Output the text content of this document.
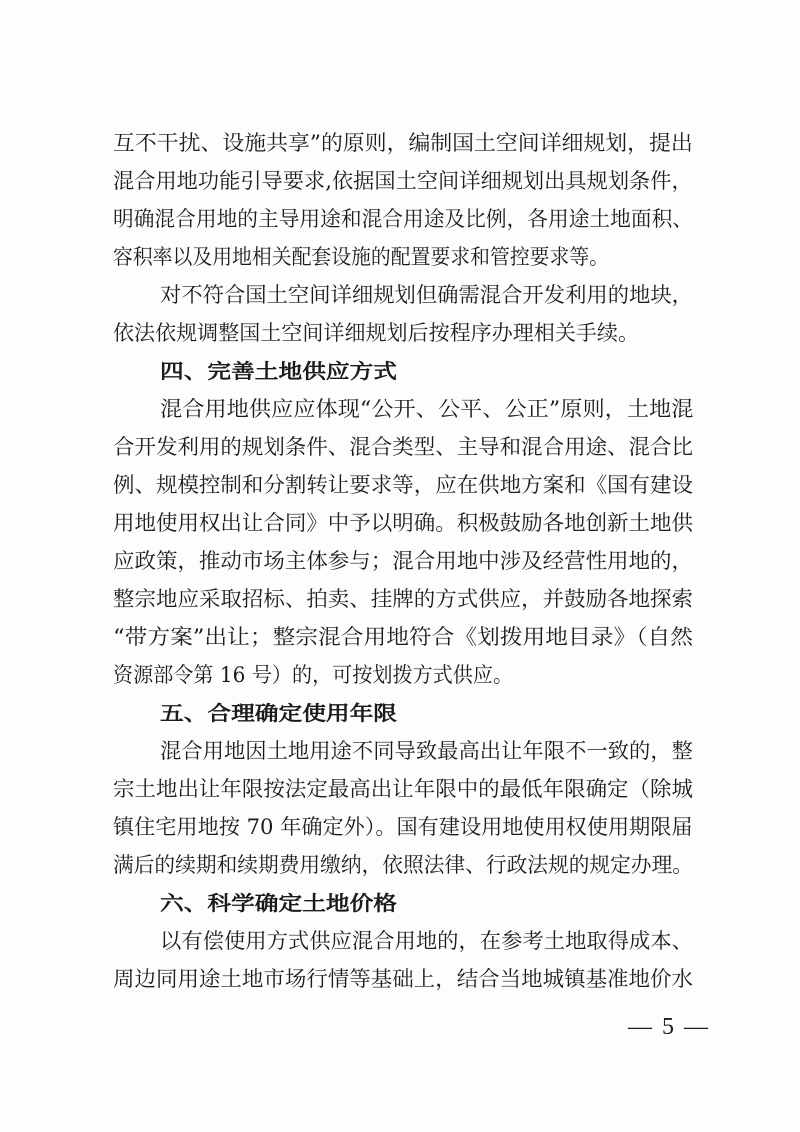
互不干扰、设施共享”的原则，编制国土空间详细规划，提出
混合用地功能引导要求,依据国土空间详细规划出具规划条件，
明确混合用地的主导用途和混合用途及比例，各用途土地面积、
容积率以及用地相关配套设施的配置要求和管控要求等。
对不符合国土空间详细规划但确需混合开发利用的地块，
依法依规调整国土空间详细规划后按程序办理相关手续。
四、完善土地供应方式
混合用地供应应体现“公开、公平、公正”原则，土地混
合开发利用的规划条件、混合类型、主导和混合用途、混合比
例、规模控制和分割转让要求等，应在供地方案和《国有建设
用地使用权出让合同》中予以明确。积极鼓励各地创新土地供
应政策，推动市场主体参与；混合用地中涉及经营性用地的，
整宗地应采取招标、拍卖、挂牌的方式供应，并鼓励各地探索
“带方案”出让；整宗混合用地符合《划拨用地目录》（自然
资源部令第 16 号）的，可按划拨方式供应。
五、合理确定使用年限
混合用地因土地用途不同导致最高出让年限不一致的，整
宗土地出让年限按法定最高出让年限中的最低年限确定（除城
镇住宅用地按 70 年确定外）。国有建设用地使用权使用期限届
满后的续期和续期费用缴纳，依照法律、行政法规的规定办理。
六、科学确定土地价格
以有偿使用方式供应混合用地的，在参考土地取得成本、
周边同用途土地市场行情等基础上，结合当地城镇基准地价水
— 5 —
